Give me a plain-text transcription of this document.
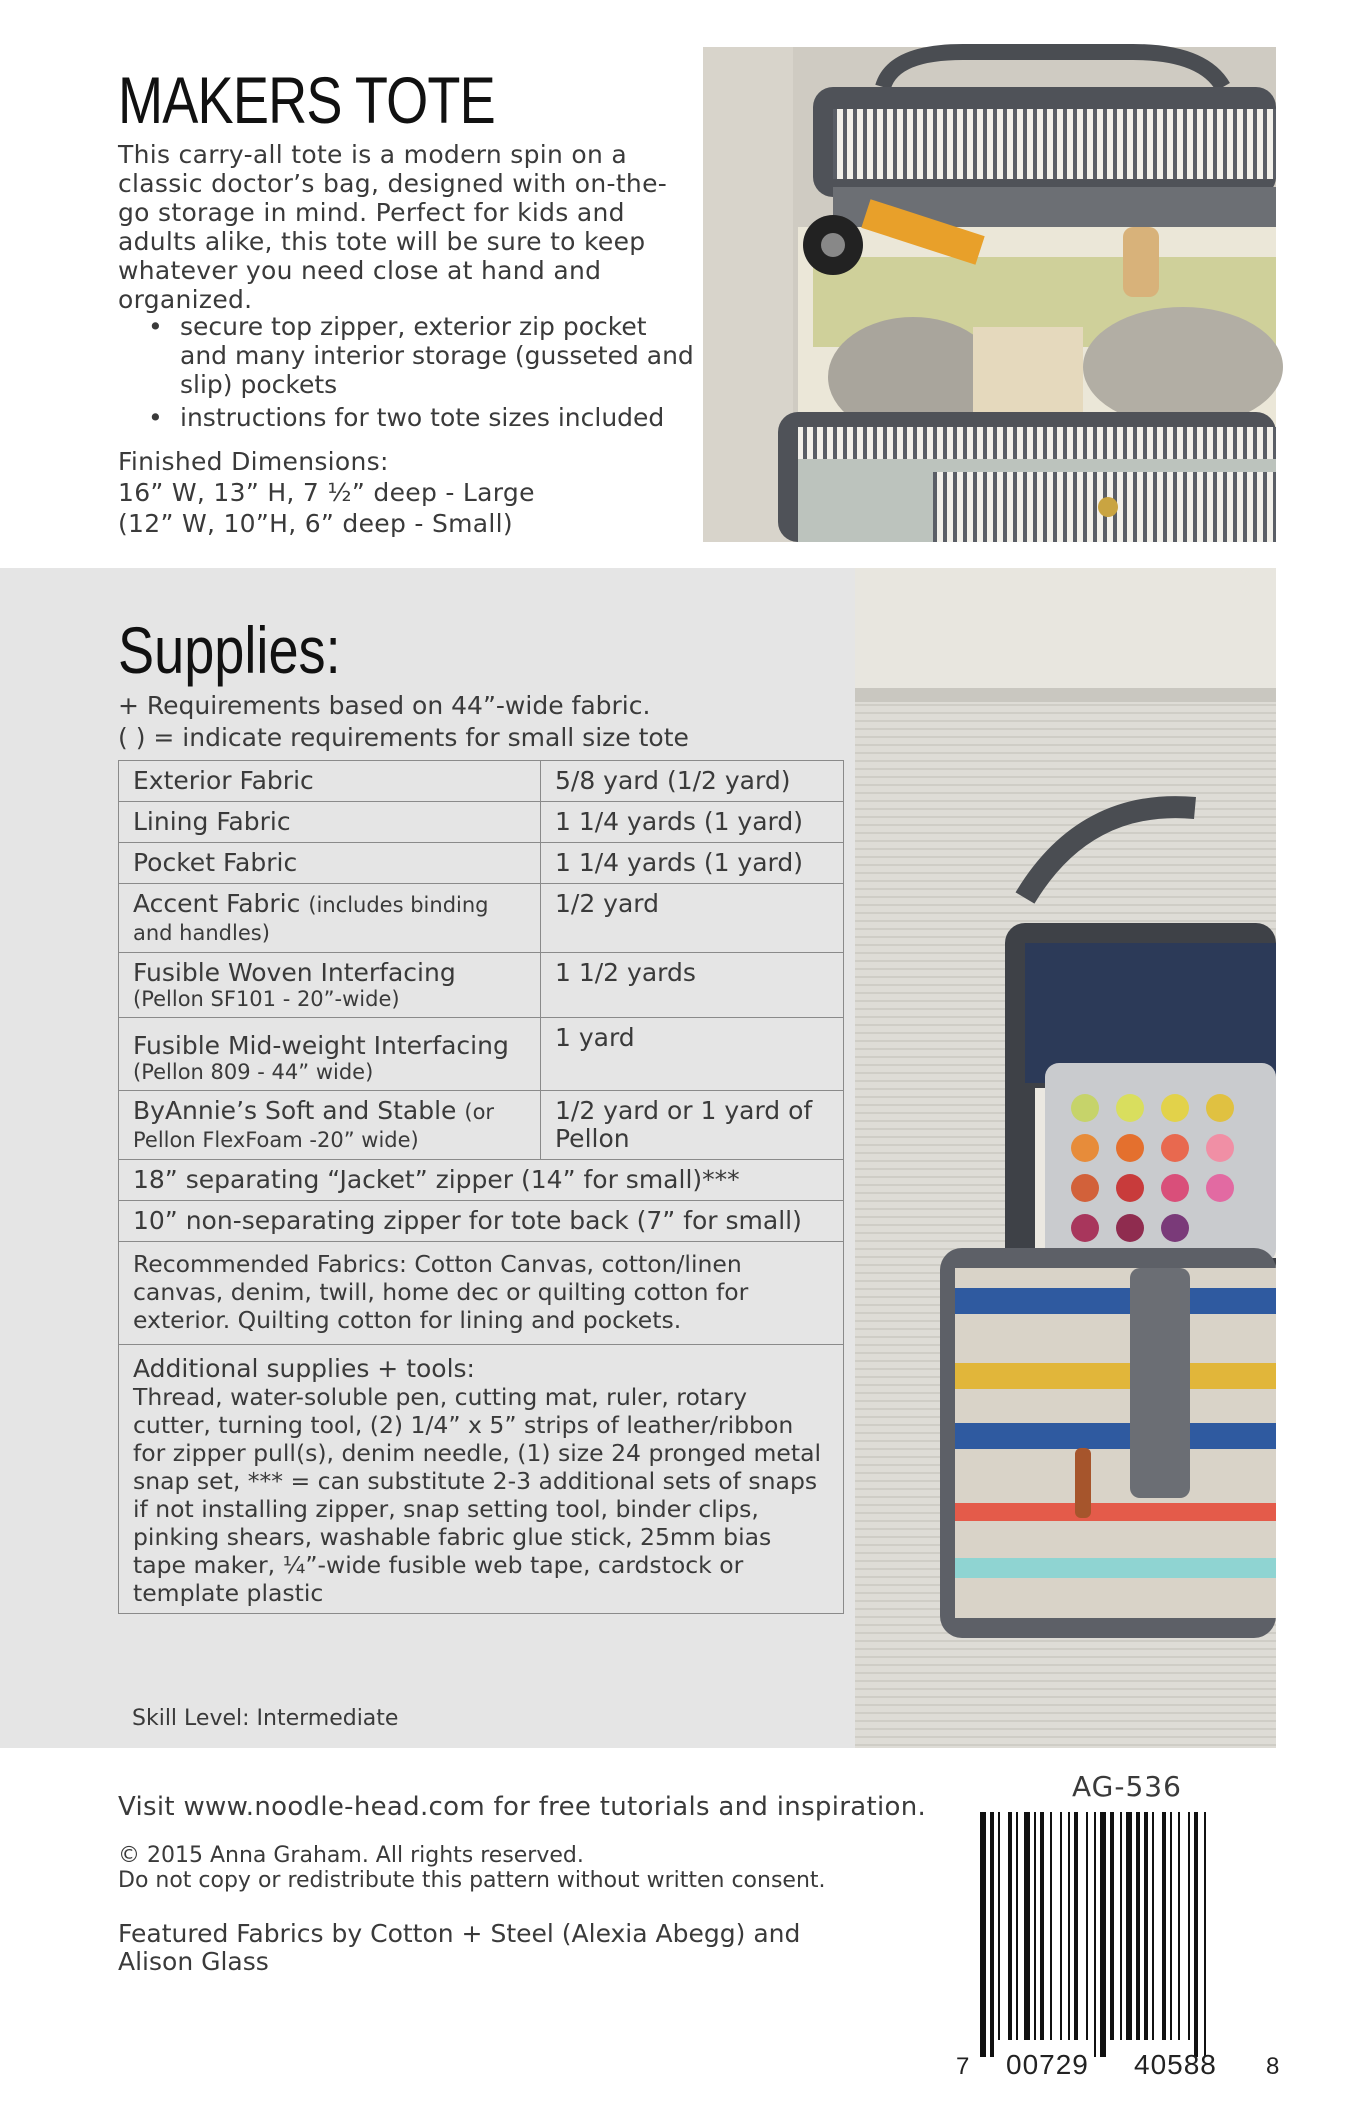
MAKERS TOTE
This carry-all tote is a modern spin on a classic doctor’s bag, designed with on-the-go storage in mind. Perfect for kids and adults alike, this tote will be sure to keep whatever you need close at hand and organized.
• secure top zipper, exterior zip pocket and many interior storage (gusseted and slip) pockets
• instructions for two tote sizes included
Finished Dimensions:
16” W, 13” H, 7 ½” deep - Large
(12” W, 10”H, 6” deep - Small)
Supplies:
+ Requirements based on 44”-wide fabric.
( ) = indicate requirements for small size tote
Exterior Fabric	5/8 yard (1/2 yard)
Lining Fabric	1 1/4 yards (1 yard)
Pocket Fabric	1 1/4 yards (1 yard)
Accent Fabric (includes binding and handles)	1/2 yard
Fusible Woven Interfacing
(Pellon SF101 - 20”-wide)	1 1/2 yards
Fusible Mid-weight Interfacing
(Pellon 809 - 44” wide)	1 yard
ByAnnie’s Soft and Stable (or Pellon FlexFoam -20” wide)	1/2 yard or 1 yard of Pellon
18” separating “Jacket” zipper (14” for small)***	
10” non-separating zipper for tote back (7” for small)	
Recommended Fabrics: Cotton Canvas, cotton/linen canvas, denim, twill, home dec or quilting cotton for exterior. Quilting cotton for lining and pockets.	

Additional supplies + tools:
Thread, water-soluble pen, cutting mat, ruler, rotary cutter, turning tool, (2) 1/4” x 5” strips of leather/ribbon for zipper pull(s), denim needle, (1) size 24 pronged metal snap set, *** = can substitute 2-3 additional sets of snaps if not installing zipper, snap setting tool, binder clips, pinking shears, washable fabric glue stick, 25mm bias tape maker, ¼”-wide fusible web tape, cardstock or template plastic	
Skill Level: Intermediate
Visit www.noodle-head.com for free tutorials and inspiration.
© 2015 Anna Graham. All rights reserved.
Do not copy or redistribute this pattern without written consent.
Featured Fabrics by Cotton + Steel (Alexia Abegg) and Alison Glass
AG-536
7 00729 40588 8
